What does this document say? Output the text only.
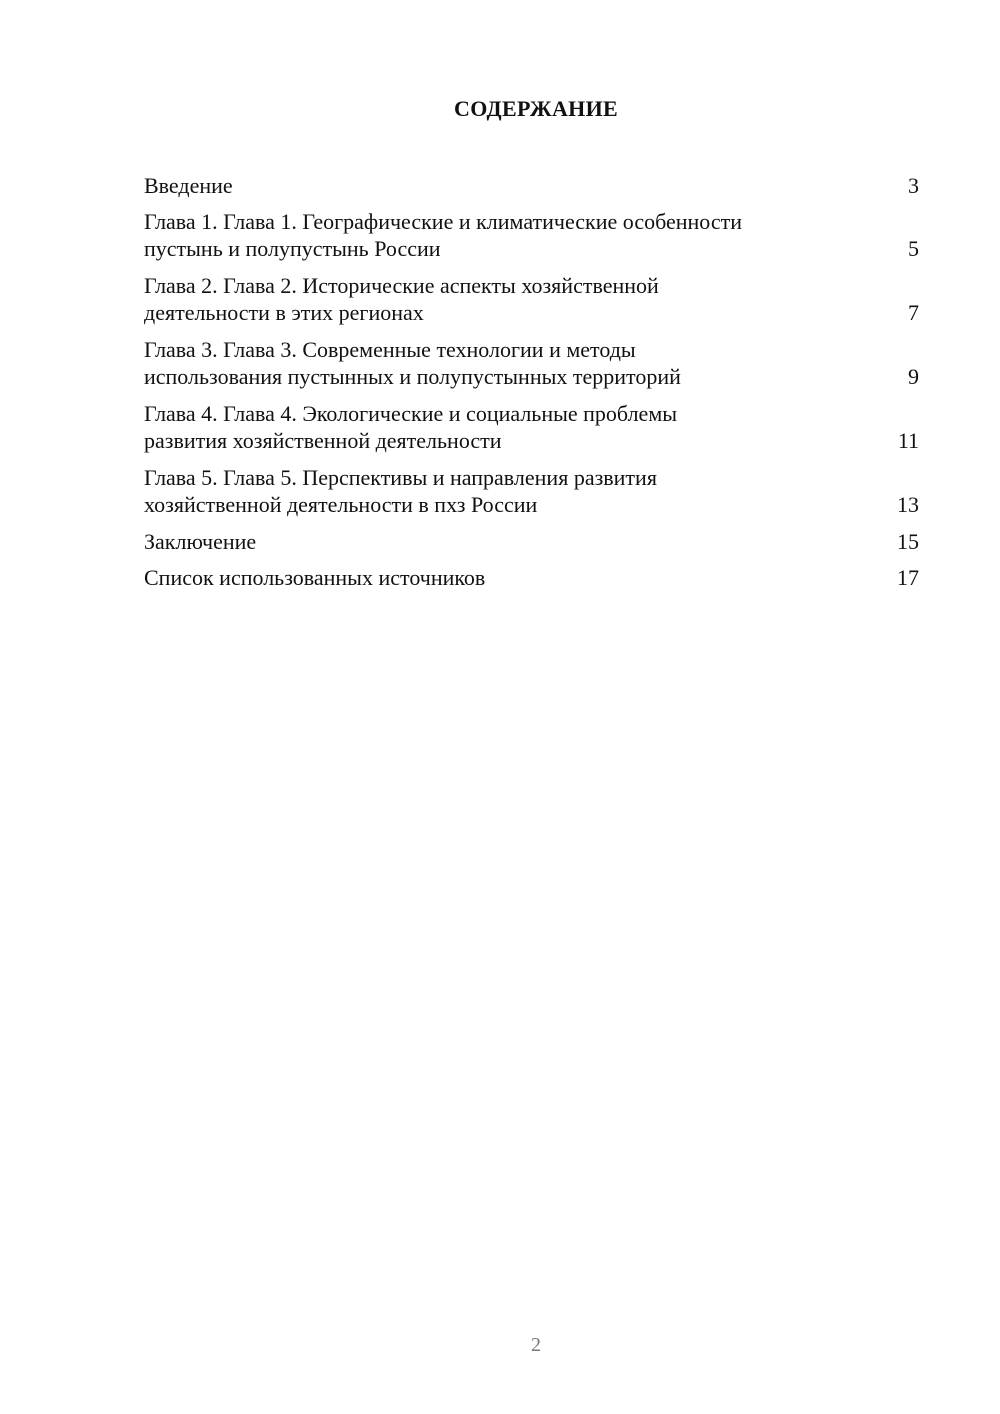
СОДЕРЖАНИЕ
Введение	3
Глава 1. Глава 1. Географические и климатические особенности
пустынь и полупустынь России	5
Глава 2. Глава 2. Исторические аспекты хозяйственной
деятельности в этих регионах	7
Глава 3. Глава 3. Современные технологии и методы
использования пустынных и полупустынных территорий	9
Глава 4. Глава 4. Экологические и социальные проблемы
развития хозяйственной деятельности	11
Глава 5. Глава 5. Перспективы и направления развития
хозяйственной деятельности в пхз России	13
Заключение	15
Список использованных источников	17
2
